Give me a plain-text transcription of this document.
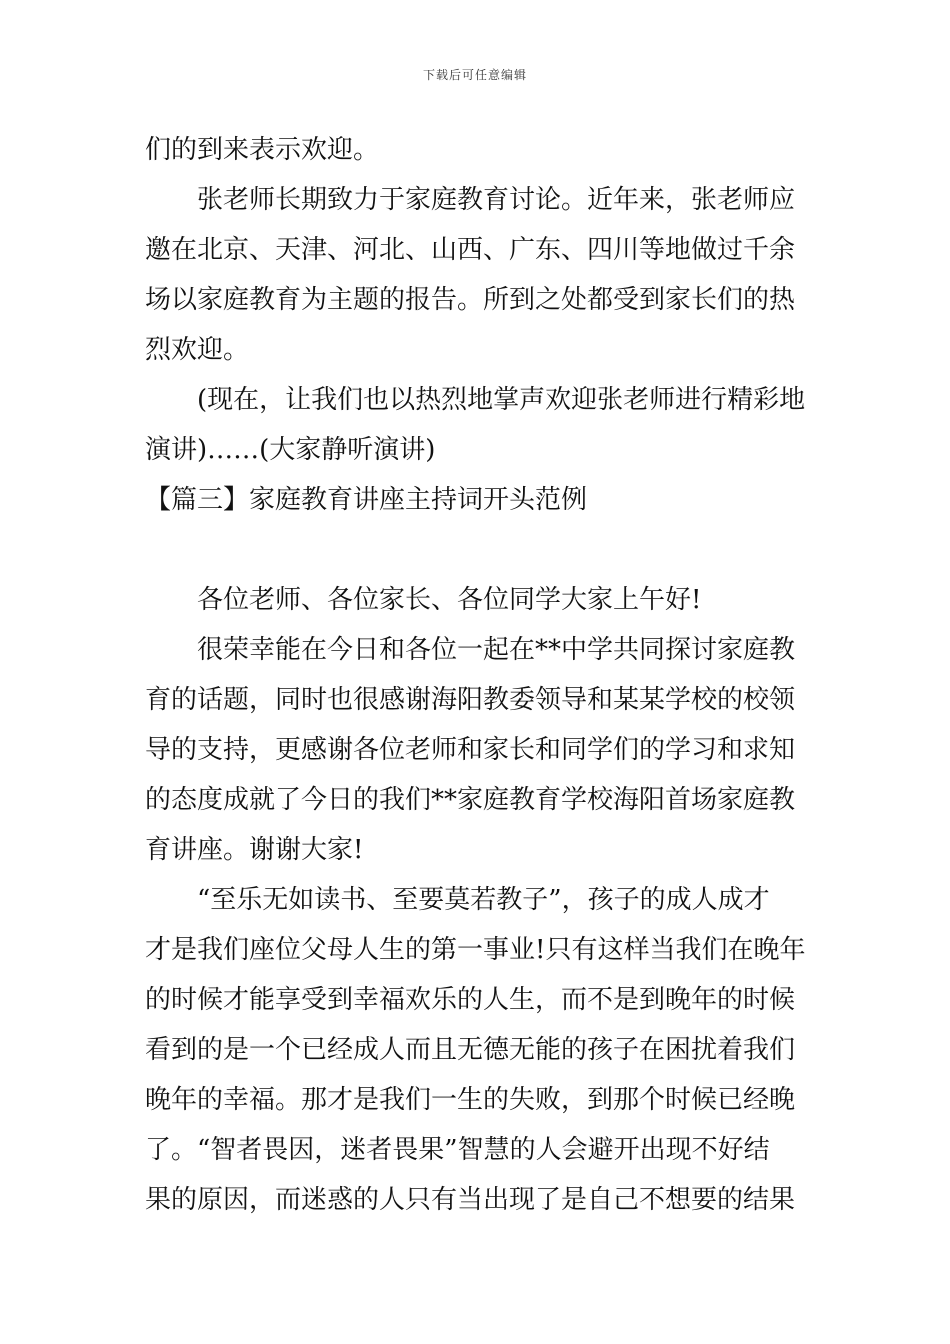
下载后可任意编辑
们的到来表示欢迎。
张老师长期致力于家庭教育讨论。近年来，张老师应
邀在北京、天津、河北、山西、广东、四川等地做过千余
场以家庭教育为主题的报告。所到之处都受到家长们的热
烈欢迎。
(现在，让我们也以热烈地掌声欢迎张老师进行精彩地
演讲)……(大家静听演讲)
【篇三】家庭教育讲座主持词开头范例
各位老师、各位家长、各位同学大家上午好!
很荣幸能在今日和各位一起在**中学共同探讨家庭教
育的话题，同时也很感谢海阳教委领导和某某学校的校领
导的支持，更感谢各位老师和家长和同学们的学习和求知
的态度成就了今日的我们**家庭教育学校海阳首场家庭教
育讲座。谢谢大家!
“至乐无如读书、至要莫若教子”，孩子的成人成才
才是我们座位父母人生的第一事业!只有这样当我们在晚年
的时候才能享受到幸福欢乐的人生，而不是到晚年的时候
看到的是一个已经成人而且无德无能的孩子在困扰着我们
晚年的幸福。那才是我们一生的失败，到那个时候已经晚
了。“智者畏因，迷者畏果”智慧的人会避开出现不好结
果的原因，而迷惑的人只有当出现了是自己不想要的结果
